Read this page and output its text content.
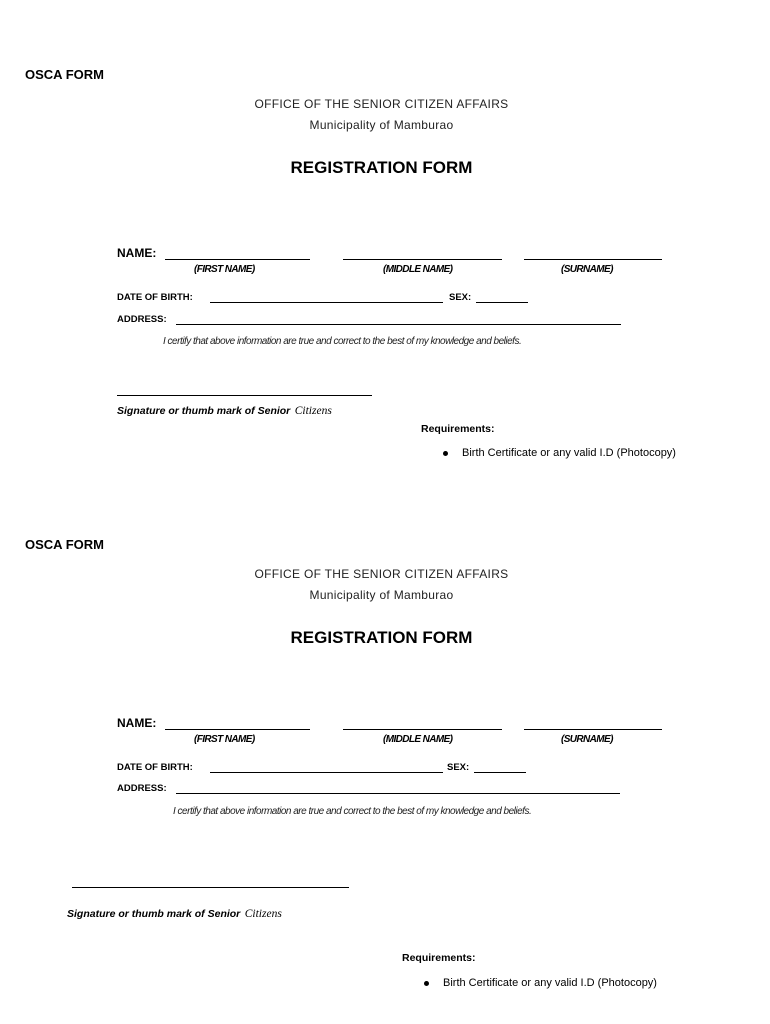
OSCA FORM
OFFICE OF THE SENIOR CITIZEN AFFAIRS
Municipality of Mamburao
REGISTRATION FORM
NAME:
(FIRST NAME)	(MIDDLE NAME)	(SURNAME)
DATE OF BIRTH:	SEX:
ADDRESS:
I certify that above information are true and correct to the best of my knowledge and beliefs.
Signature or thumb mark of Senior Citizens
Requirements:
Birth Certificate or any valid I.D (Photocopy)
OSCA FORM
OFFICE OF THE SENIOR CITIZEN AFFAIRS
Municipality of Mamburao
REGISTRATION FORM
NAME:
(FIRST NAME)	(MIDDLE NAME)	(SURNAME)
DATE OF BIRTH:	SEX:
ADDRESS:
I certify that above information are true and correct to the best of my knowledge and beliefs.
Signature or thumb mark of Senior Citizens
Requirements:
Birth Certificate or any valid I.D (Photocopy)
